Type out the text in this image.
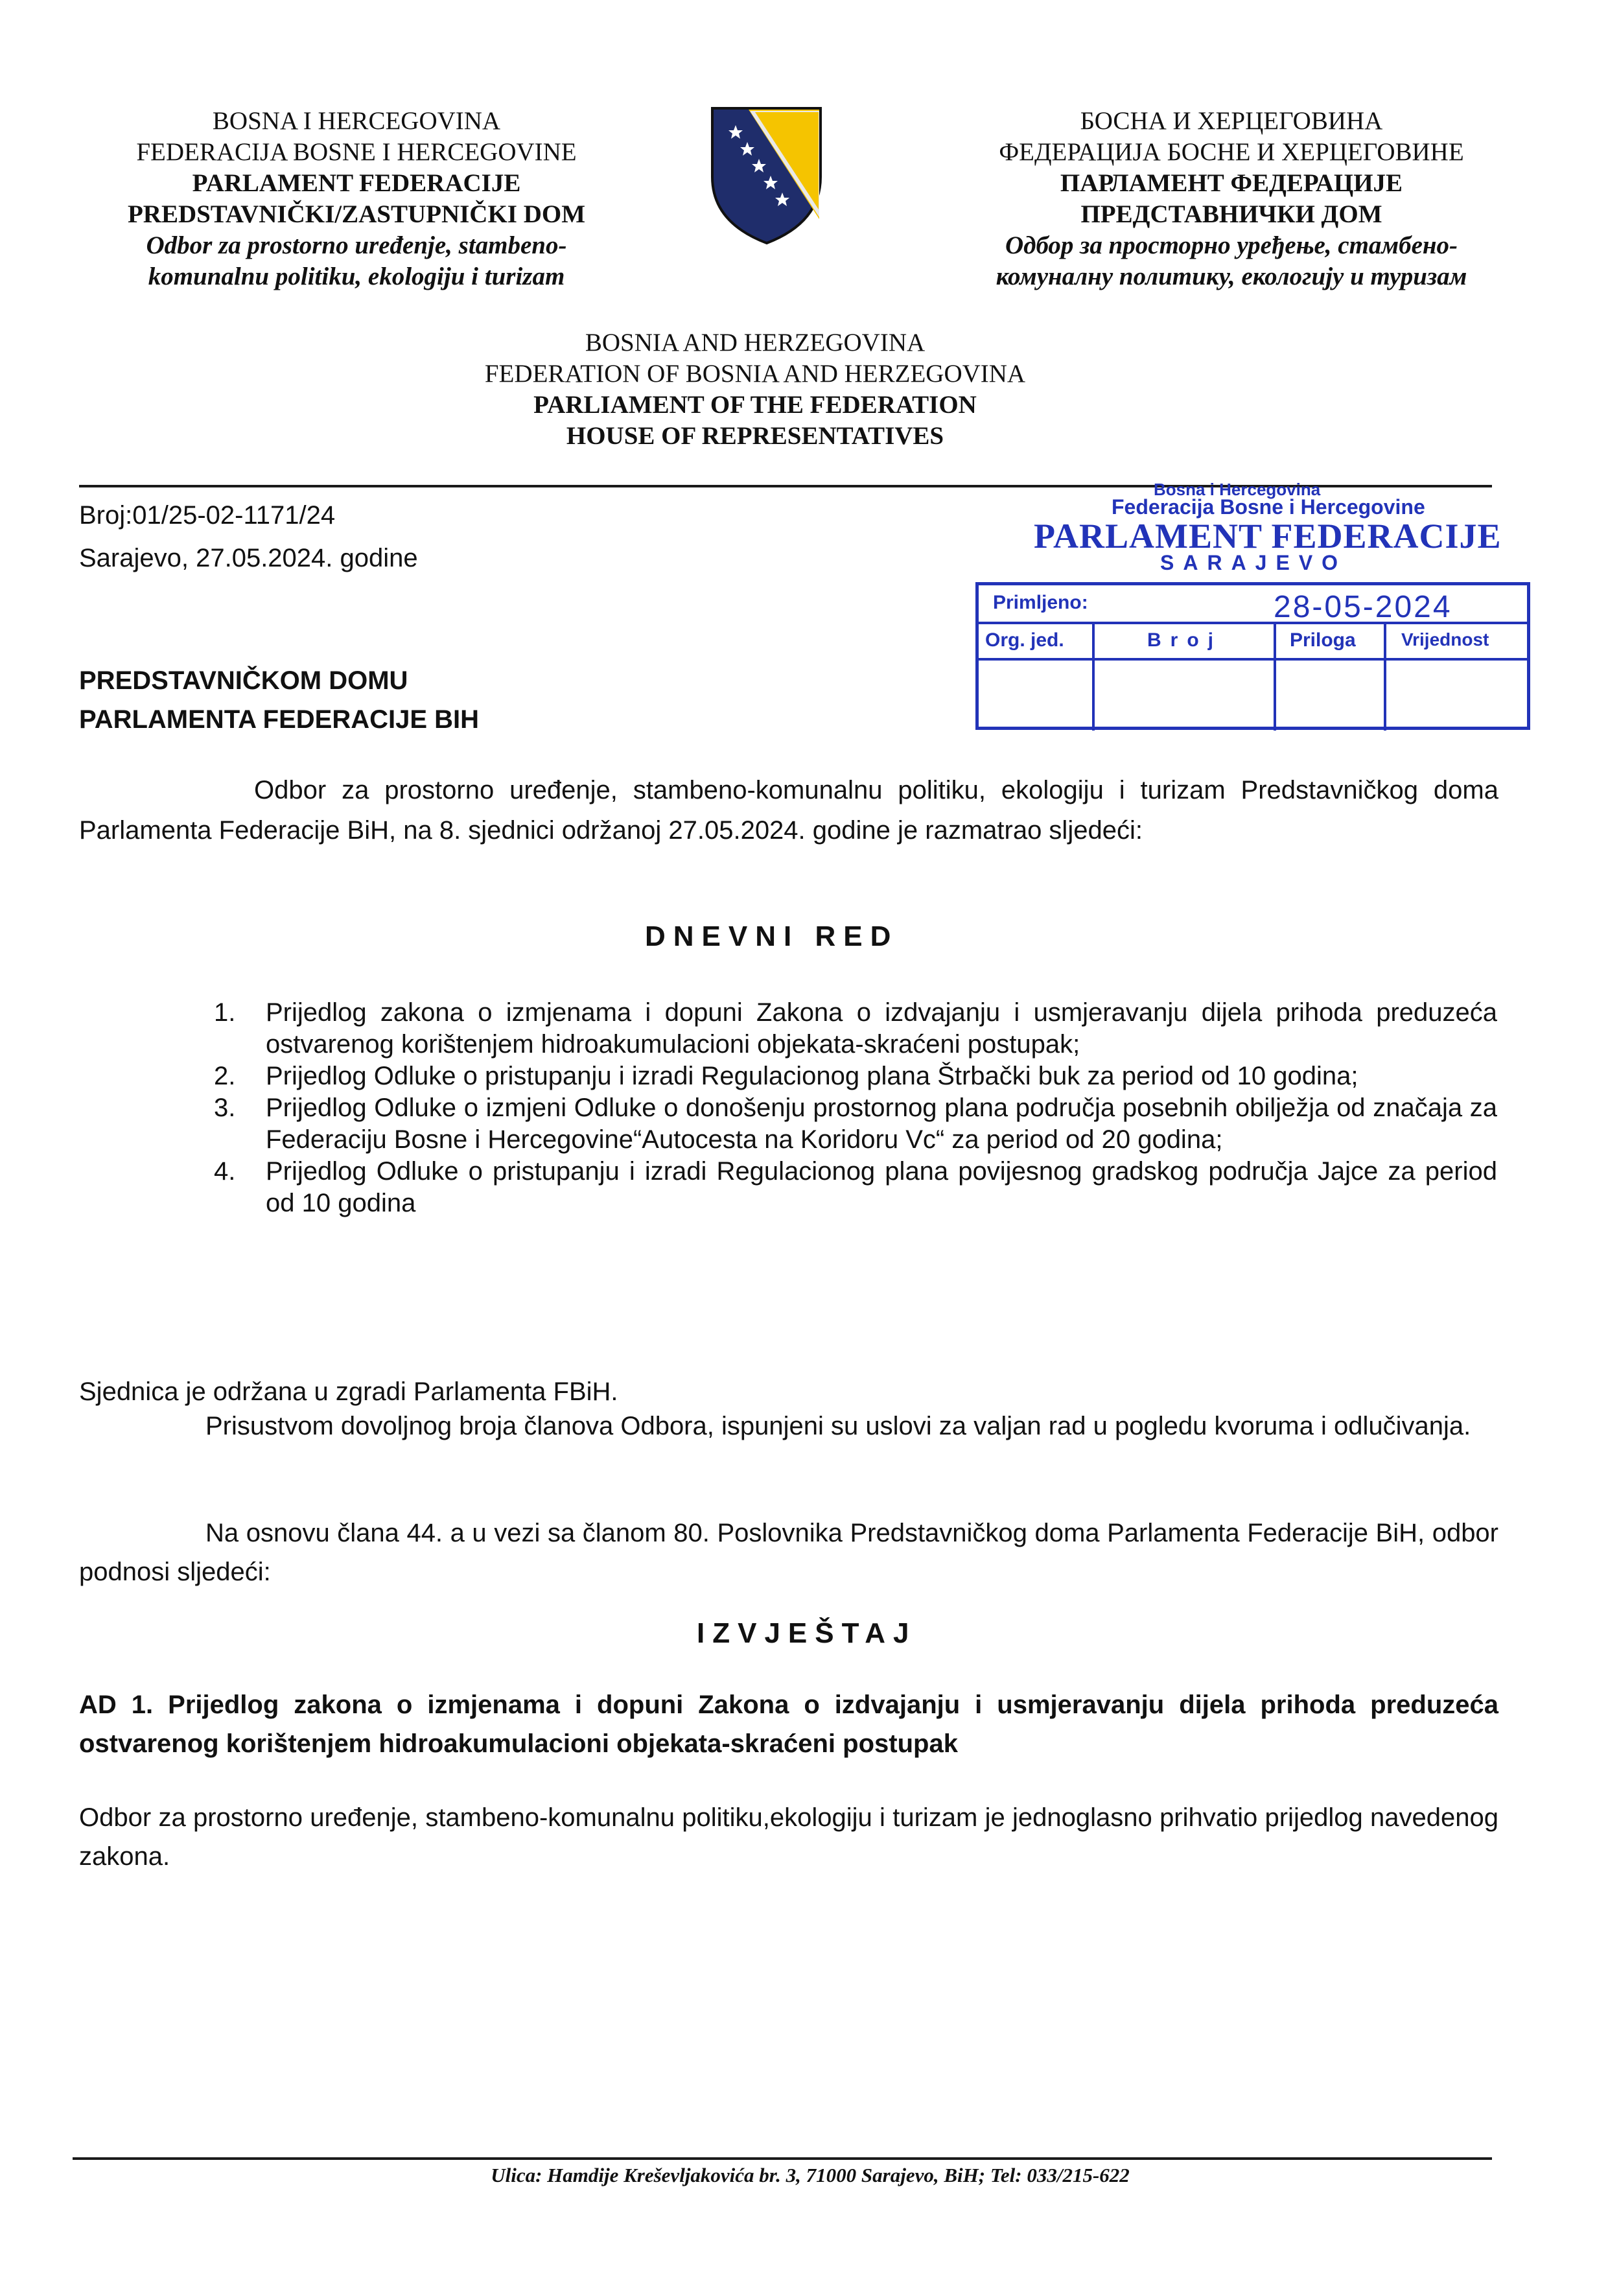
BOSNA I HERCEGOVINA
FEDERACIJA BOSNE I HERCEGOVINE
PARLAMENT FEDERACIJE
PREDSTAVNIČKI/ZASTUPNIČKI DOM
Odbor za prostorno uređenje, stambeno-
komunalnu politiku, ekologiju i turizam
БОСНА И ХЕРЦЕГОВИНА
ФЕДЕРАЦИЈА БОСНЕ И ХЕРЦЕГОВИНЕ
ПАРЛАМЕНТ ФЕДЕРАЦИЈЕ
ПРЕДСТАВНИЧКИ ДОМ
Одбор за просторно уређење, стамбено-
комуналну политику, екологију и туризам
BOSNIA AND HERZEGOVINA
FEDERATION OF BOSNIA AND HERZEGOVINA
PARLIAMENT OF THE FEDERATION
HOUSE OF REPRESENTATIVES
Broj:01/25-02-1171/24
Sarajevo, 27.05.2024. godine
Bosna i Hercegovina
Federacija Bosne i Hercegovine
PARLAMENT FEDERACIJE
SARAJEVO
Primljeno:	28-05-2024
Org. jed.	Broj	Priloga	Vrijednost
PREDSTAVNIČKOM DOMU
PARLAMENTA FEDERACIJE BIH
Odbor za prostorno uređenje, stambeno-komunalnu politiku, ekologiju i turizam Predstavničkog doma Parlamenta Federacije BiH, na 8. sjednici održanoj 27.05.2024. godine je razmatrao sljedeći:
DNEVNI RED
1. Prijedlog zakona o izmjenama i dopuni Zakona o izdvajanju i usmjeravanju dijela prihoda preduzeća ostvarenog korištenjem hidroakumulacioni objekata-skraćeni postupak;
2. Prijedlog Odluke o pristupanju i izradi Regulacionog plana Štrbački buk za period od 10 godina;
3. Prijedlog Odluke o izmjeni Odluke o donošenju prostornog plana područja posebnih obilježja od značaja za Federaciju Bosne i Hercegovine“Autocesta na Koridoru Vc“ za period od 20 godina;
4. Prijedlog Odluke o pristupanju i izradi Regulacionog plana povijesnog gradskog područja Jajce za period od 10 godina
Sjednica je održana u zgradi Parlamenta FBiH.
Prisustvom dovoljnog broja članova Odbora, ispunjeni su uslovi za valjan rad u pogledu kvoruma i odlučivanja.
Na osnovu člana 44. a u vezi sa članom 80. Poslovnika Predstavničkog doma Parlamenta Federacije BiH, odbor podnosi sljedeći:
IZVJEŠTAJ
AD 1. Prijedlog zakona o izmjenama i dopuni Zakona o izdvajanju i usmjeravanju dijela prihoda preduzeća ostvarenog korištenjem hidroakumulacioni objekata-skraćeni postupak
Odbor za prostorno uređenje, stambeno-komunalnu politiku,ekologiju i turizam je jednoglasno prihvatio prijedlog navedenog zakona.
Ulica: Hamdije Kreševljakovića br. 3, 71000 Sarajevo, BiH; Tel: 033/215-622
